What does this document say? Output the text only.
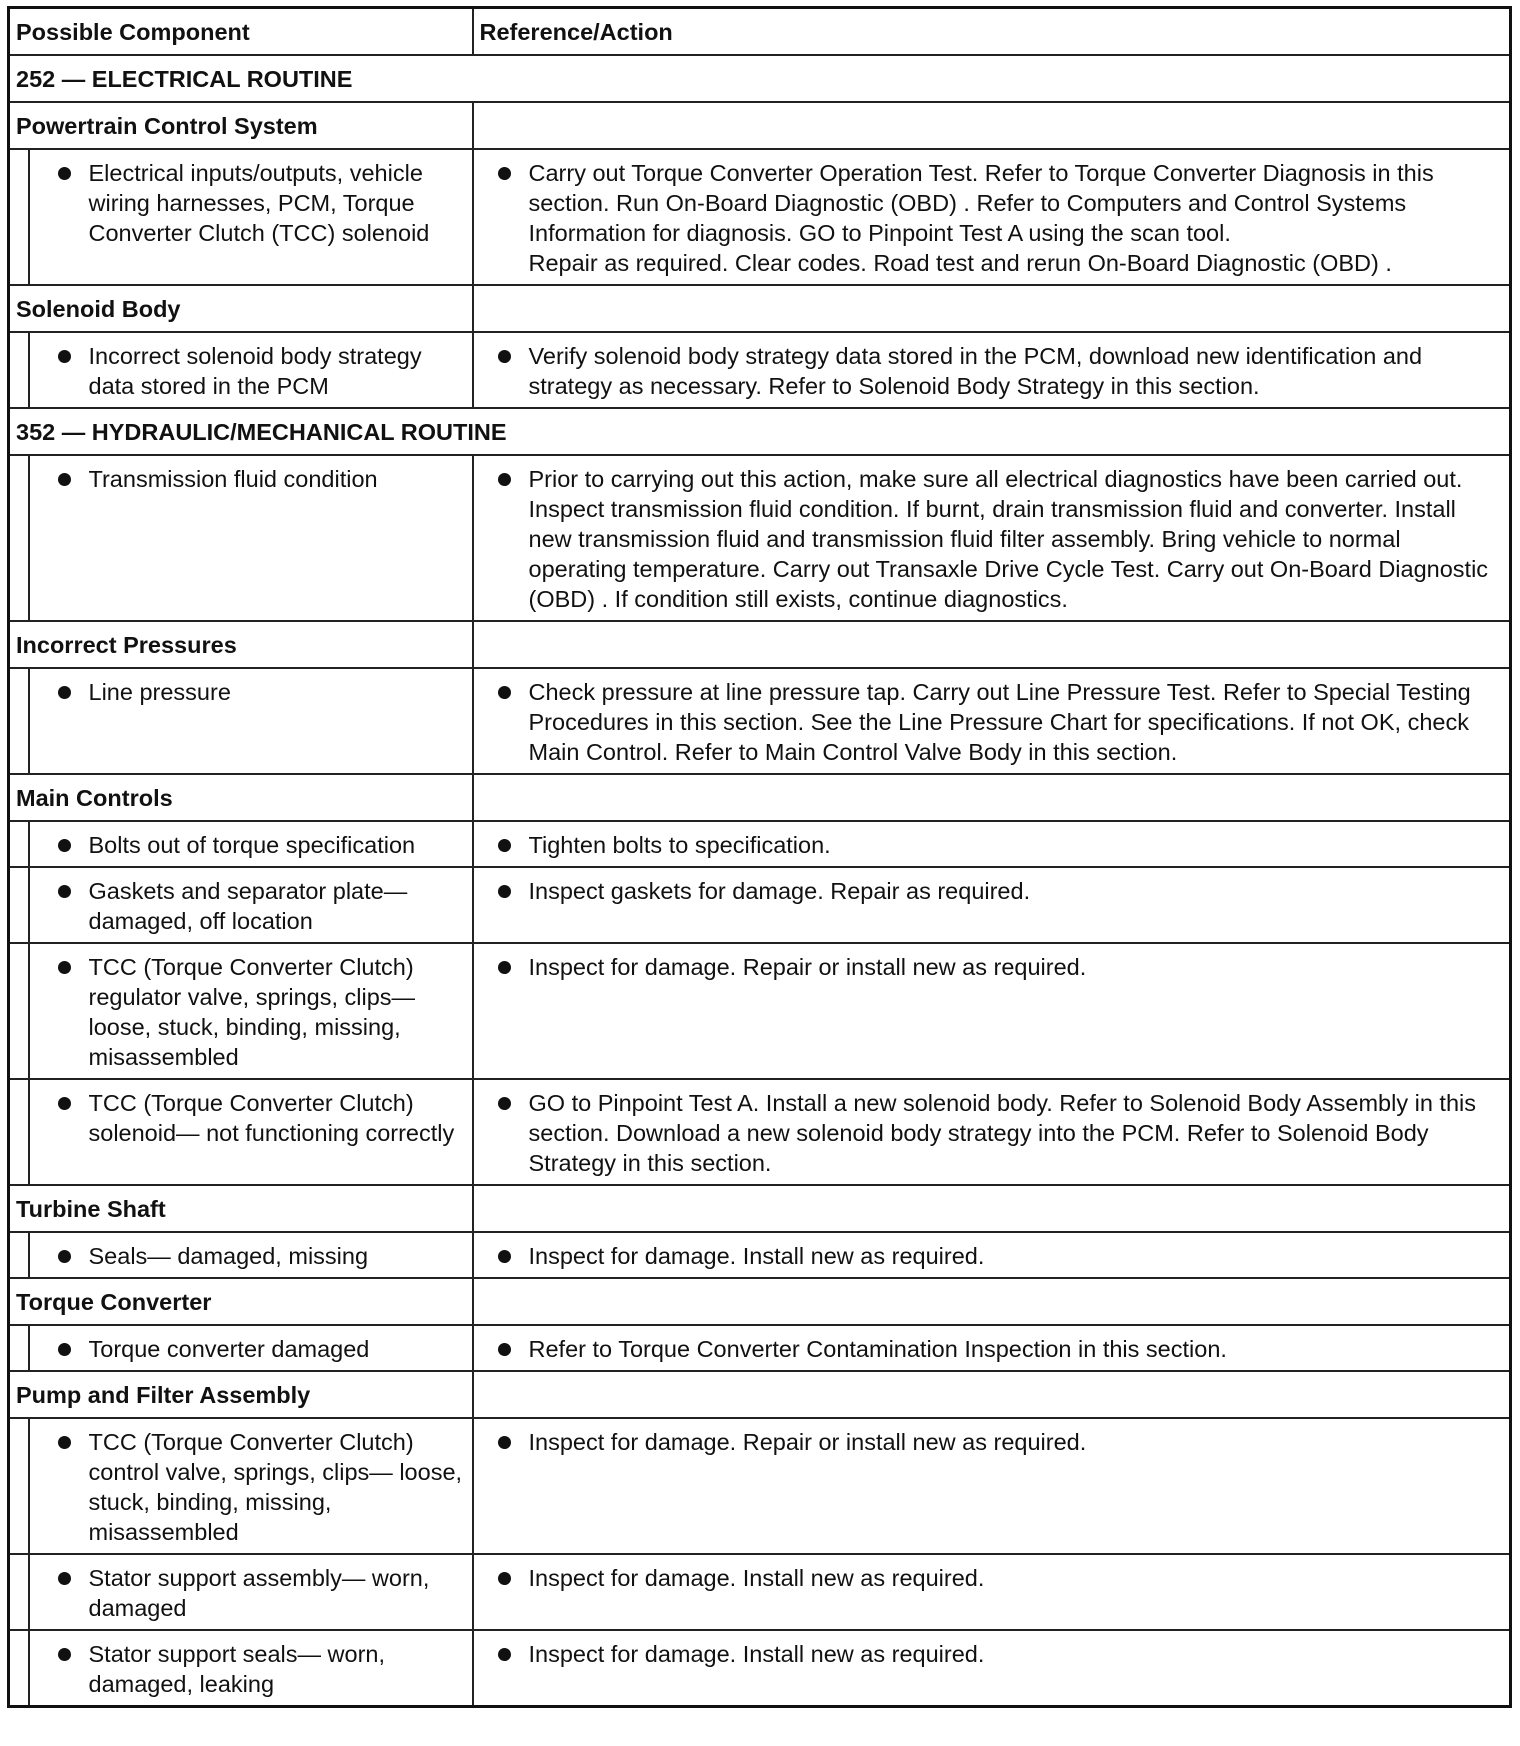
Possible Component		Reference/Action
252 — ELECTRICAL ROUTINE		
Powertrain Control System		

	Electrical inputs/outputs, vehicle wiring harnesses, PCM, Torque Converter Clutch (TCC) solenoid	Carry out Torque Converter Operation Test. Refer to Torque Converter Diagnosis in this section. Run On-Board Diagnostic (OBD) . Refer to Computers and Control Systems Information for diagnosis. GO to Pinpoint Test A using the scan tool.
Repair as required. Clear codes. Road test and rerun On-Board Diagnostic (OBD) .

Solenoid Body		

	Incorrect solenoid body strategy data stored in the PCM	Verify solenoid body strategy data stored in the PCM, download new identification and strategy as necessary. Refer to Solenoid Body Strategy in this section.

352 — HYDRAULIC/MECHANICAL ROUTINE		

	Transmission fluid condition	Prior to carrying out this action, make sure all electrical diagnostics have been carried out. Inspect transmission fluid condition. If burnt, drain transmission fluid and converter. Install new transmission fluid and transmission fluid filter assembly. Bring vehicle to normal operating temperature. Carry out Transaxle Drive Cycle Test. Carry out On-Board Diagnostic (OBD) . If condition still exists, continue diagnostics.

Incorrect Pressures		

	Line pressure	Check pressure at line pressure tap. Carry out Line Pressure Test. Refer to Special Testing Procedures in this section. See the Line Pressure Chart for specifications. If not OK, check Main Control. Refer to Main Control Valve Body in this section.

Main Controls		

	Bolts out of torque specification	Tighten bolts to specification.

	Gaskets and separator plate— damaged, off location	Inspect gaskets for damage. Repair as required.

	TCC (Torque Converter Clutch) regulator valve, springs, clips— loose, stuck, binding, missing, misassembled	Inspect for damage. Repair or install new as required.

	TCC (Torque Converter Clutch) solenoid— not functioning correctly	GO to Pinpoint Test A. Install a new solenoid body. Refer to Solenoid Body Assembly in this section. Download a new solenoid body strategy into the PCM. Refer to Solenoid Body Strategy in this section.

Turbine Shaft		

	Seals— damaged, missing	Inspect for damage. Install new as required.

Torque Converter		

	Torque converter damaged	Refer to Torque Converter Contamination Inspection in this section.

Pump and Filter Assembly		

	TCC (Torque Converter Clutch) control valve, springs, clips— loose, stuck, binding, missing, misassembled	Inspect for damage. Repair or install new as required.

	Stator support assembly— worn, damaged	Inspect for damage. Install new as required.

	Stator support seals— worn, damaged, leaking	Inspect for damage. Install new as required.
